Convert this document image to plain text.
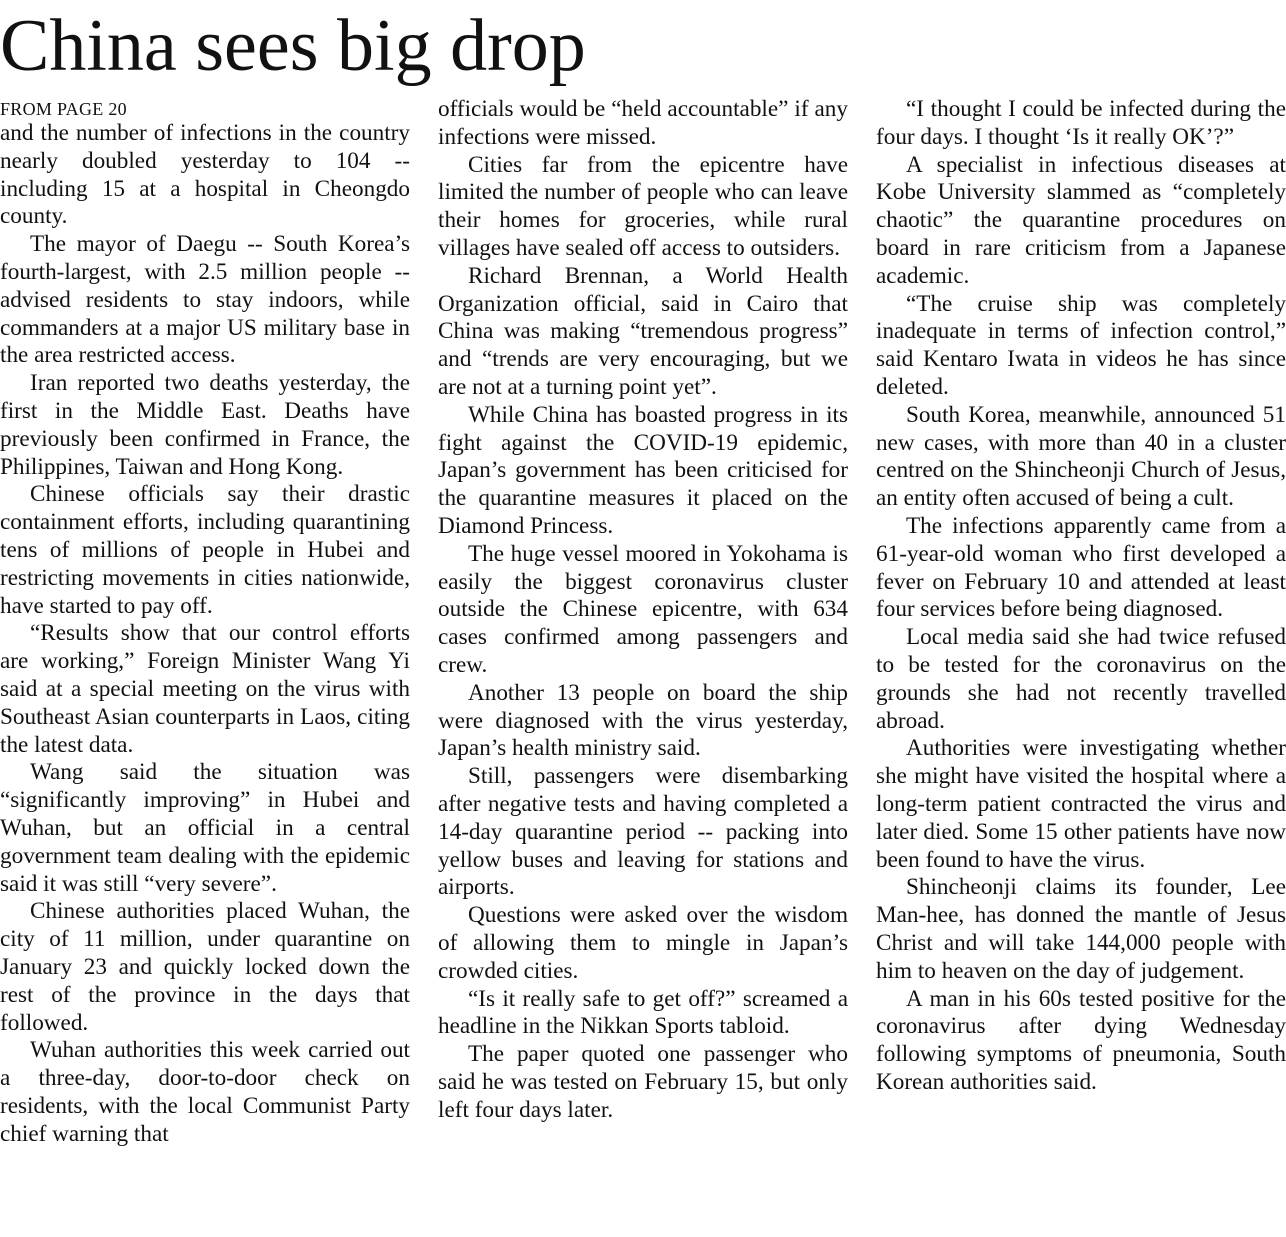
China sees big drop
FROM PAGE 20

and the number of infections in the country nearly doubled yesterday to 104 -- including 15 at a hospital in Cheongdo county.

The mayor of Daegu -- South Korea’s fourth-largest, with 2.5 million people -- advised residents to stay indoors, while commanders at a major US military base in the area restricted access.

Iran reported two deaths yesterday, the first in the Middle East. Deaths have previously been confirmed in France, the Philippines, Taiwan and Hong Kong.

Chinese officials say their drastic containment efforts, including quarantining tens of millions of people in Hubei and restricting movements in cities nationwide, have started to pay off.

“Results show that our control efforts are working,” Foreign Minister Wang Yi said at a special meeting on the virus with Southeast Asian counterparts in Laos, citing the latest data.

Wang said the situation was “significantly improving” in Hubei and Wuhan, but an official in a central government team dealing with the epidemic said it was still “very severe”.

Chinese authorities placed Wuhan, the city of 11 million, under quarantine on January 23 and quickly locked down the rest of the province in the days that followed.

Wuhan authorities this week carried out a three-day, door-to-door check on residents, with the local Communist Party chief warning that

officials would be “held accountable” if any infections were missed.

Cities far from the epicentre have limited the number of people who can leave their homes for groceries, while rural villages have sealed off access to outsiders.

Richard Brennan, a World Health Organization official, said in Cairo that China was making “tremendous progress” and “trends are very encouraging, but we are not at a turning point yet”.

While China has boasted progress in its fight against the COVID-19 epidemic, Japan’s government has been criticised for the quarantine measures it placed on the Diamond Princess.

The huge vessel moored in Yokohama is easily the biggest coronavirus cluster outside the Chinese epicentre, with 634 cases confirmed among passengers and crew.

Another 13 people on board the ship were diagnosed with the virus yesterday, Japan’s health ministry said.

Still, passengers were disembarking after negative tests and having completed a 14-day quarantine period -- packing into yellow buses and leaving for stations and airports.

Questions were asked over the wisdom of allowing them to mingle in Japan’s crowded cities.

“Is it really safe to get off?” screamed a headline in the Nikkan Sports tabloid.

The paper quoted one passenger who said he was tested on February 15, but only left four days later.

“I thought I could be infected during the four days. I thought ‘Is it really OK’?”

A specialist in infectious diseases at Kobe University slammed as “completely chaotic” the quarantine procedures on board in rare criticism from a Japanese academic.

“The cruise ship was completely inadequate in terms of infection control,” said Kentaro Iwata in videos he has since deleted.

South Korea, meanwhile, announced 51 new cases, with more than 40 in a cluster centred on the Shincheonji Church of Jesus, an entity often accused of being a cult.

The infections apparently came from a 61-year-old woman who first developed a fever on February 10 and attended at least four services before being diagnosed.

Local media said she had twice refused to be tested for the coronavirus on the grounds she had not recently travelled abroad.

Authorities were investigating whether she might have visited the hospital where a long-term patient contracted the virus and later died. Some 15 other patients have now been found to have the virus.

Shincheonji claims its founder, Lee Man-hee, has donned the mantle of Jesus Christ and will take 144,000 people with him to heaven on the day of judgement.

A man in his 60s tested positive for the coronavirus after dying Wednesday following symptoms of pneumonia, South Korean authorities said.
